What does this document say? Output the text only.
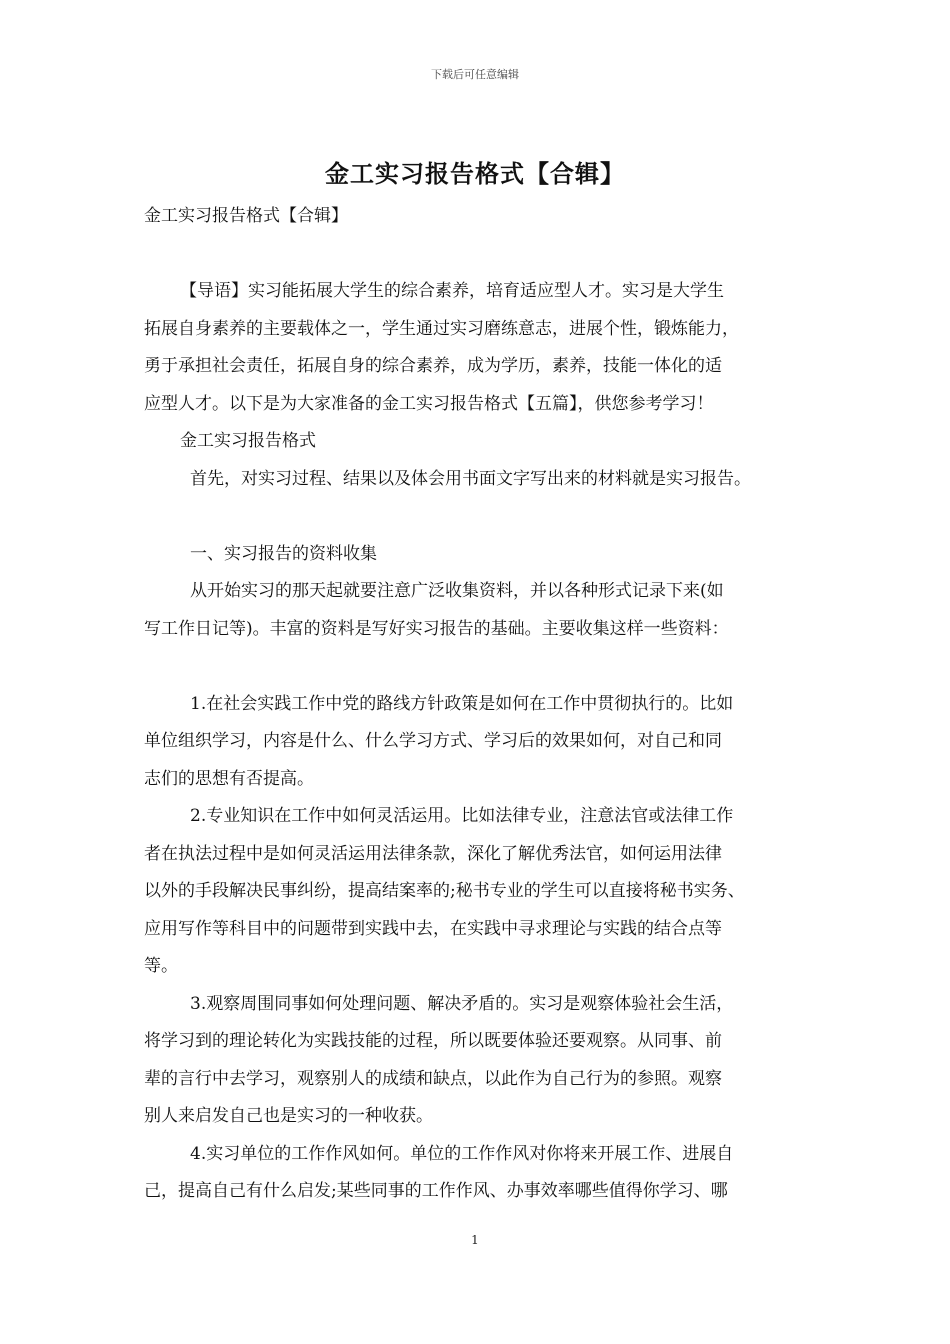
下载后可任意编辑
金工实习报告格式【合辑】
金工实习报告格式【合辑】
【导语】实习能拓展大学生的综合素养，培育适应型人才。实习是大学生
拓展自身素养的主要载体之一，学生通过实习磨练意志，进展个性，锻炼能力，
勇于承担社会责任，拓展自身的综合素养，成为学历，素养，技能一体化的适
应型人才。以下是为大家准备的金工实习报告格式【五篇】，供您参考学习！
金工实习报告格式
首先，对实习过程、结果以及体会用书面文字写出来的材料就是实习报告。
一、实习报告的资料收集
从开始实习的那天起就要注意广泛收集资料，并以各种形式记录下来(如
写工作日记等)。丰富的资料是写好实习报告的基础。主要收集这样一些资料：
1.在社会实践工作中党的路线方针政策是如何在工作中贯彻执行的。比如
单位组织学习，内容是什么、什么学习方式、学习后的效果如何，对自己和同
志们的思想有否提高。
2.专业知识在工作中如何灵活运用。比如法律专业，注意法官或法律工作
者在执法过程中是如何灵活运用法律条款，深化了解优秀法官，如何运用法律
以外的手段解决民事纠纷，提高结案率的;秘书专业的学生可以直接将秘书实务、
应用写作等科目中的问题带到实践中去，在实践中寻求理论与实践的结合点等
等。
3.观察周围同事如何处理问题、解决矛盾的。实习是观察体验社会生活，
将学习到的理论转化为实践技能的过程，所以既要体验还要观察。从同事、前
辈的言行中去学习，观察别人的成绩和缺点，以此作为自己行为的参照。观察
别人来启发自己也是实习的一种收获。
4.实习单位的工作作风如何。单位的工作作风对你将来开展工作、进展自
己，提高自己有什么启发;某些同事的工作作风、办事效率哪些值得你学习、哪
1
